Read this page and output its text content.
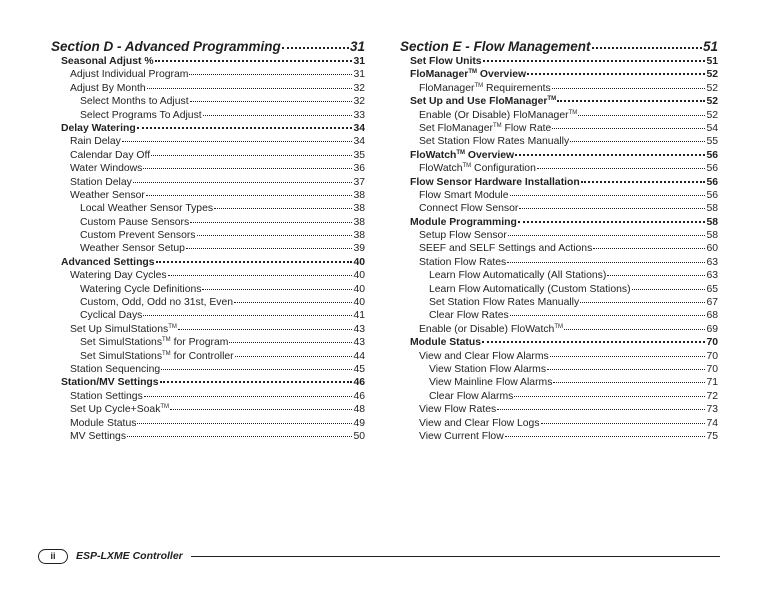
Section D - Advanced Programming	31
Seasonal Adjust %	31
Adjust Individual Program	31
Adjust By Month	32
Select Months to Adjust	32
Select Programs To Adjust	33
Delay Watering	34
Rain Delay	34
Calendar Day Off	35
Water Windows	36
Station Delay	37
Weather Sensor	38
Local Weather Sensor Types	38
Custom Pause Sensors	38
Custom Prevent Sensors	38
Weather Sensor Setup	39
Advanced Settings	40
Watering Day Cycles	40
Watering Cycle Definitions	40
Custom, Odd, Odd no 31st, Even	40
Cyclical Days	41
Set Up SimulStations™	43
Set SimulStations™ for Program	43
Set SimulStations™ for Controller	44
Station Sequencing	45
Station/MV Settings	46
Station Settings	46
Set Up Cycle+Soak™	48
Module Status	49
MV Settings	50
Section E - Flow Management	51
Set Flow Units	51
FloManager™ Overview	52
FloManager™ Requirements	52
Set Up and Use FloManager™	52
Enable (Or Disable) FloManager™	52
Set FloManager™ Flow Rate	54
Set Station Flow Rates Manually	55
FloWatch™ Overview	56
FloWatch™ Configuration	56
Flow Sensor Hardware Installation	56
Flow Smart Module	56
Connect Flow Sensor	58
Module Programming	58
Setup Flow Sensor	58
SEEF and SELF Settings and Actions	60
Station Flow Rates	63
Learn Flow Automatically (All Stations)	63
Learn Flow Automatically (Custom Stations)	65
Set Station Flow Rates Manually	67
Clear Flow Rates	68
Enable (or Disable) FloWatch™	69
Module Status	70
View and Clear Flow Alarms	70
View Station Flow Alarms	70
View Mainline Flow Alarms	71
Clear Flow Alarms	72
View Flow Rates	73
View and Clear Flow Logs	74
View Current Flow	75
ii	ESP-LXME Controller
